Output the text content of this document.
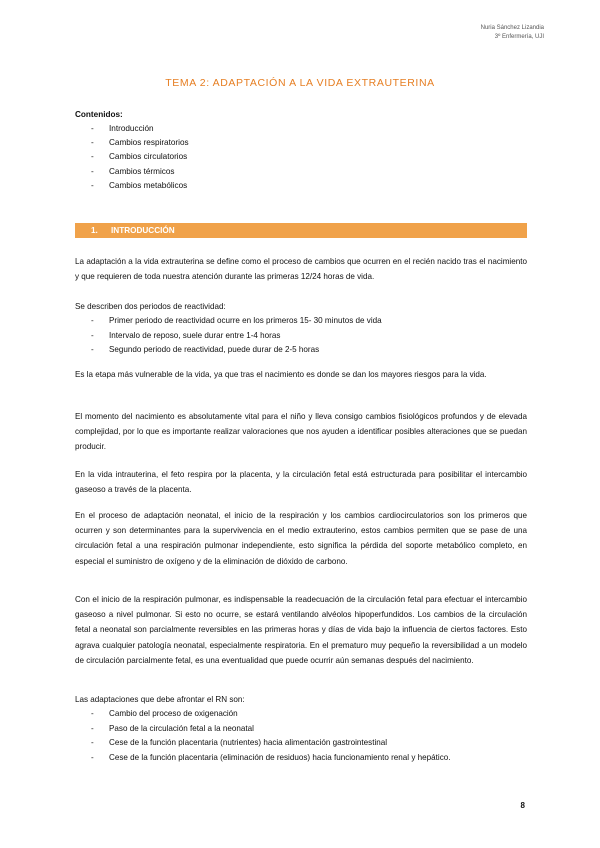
Nuria Sánchez Lizandia
3º Enfermería, UJI
TEMA 2: ADAPTACIÓN A LA VIDA EXTRAUTERINA
Contenidos:
- Introducción
- Cambios respiratorios
- Cambios circulatorios
- Cambios térmicos
- Cambios metabólicos
1. INTRODUCCIÓN

La adaptación a la vida extrauterina se define como el proceso de cambios que ocurren en el recién nacido tras el nacimiento y que requieren de toda nuestra atención durante las primeras 12/24 horas de vida.

Se describen dos periodos de reactividad:

- Primer periodo de reactividad ocurre en los primeros 15- 30 minutos de vida
- Intervalo de reposo, suele durar entre 1-4 horas
- Segundo periodo de reactividad, puede durar de 2-5 horas

Es la etapa más vulnerable de la vida, ya que tras el nacimiento es donde se dan los mayores riesgos para la vida.

El momento del nacimiento es absolutamente vital para el niño y lleva consigo cambios fisiológicos profundos y de elevada complejidad, por lo que es importante realizar valoraciones que nos ayuden a identificar posibles alteraciones que se puedan producir.

En la vida intrauterina, el feto respira por la placenta, y la circulación fetal está estructurada para posibilitar el intercambio gaseoso a través de la placenta.

En el proceso de adaptación neonatal, el inicio de la respiración y los cambios cardiocirculatorios son los primeros que ocurren y son determinantes para la supervivencia en el medio extrauterino, estos cambios permiten que se pase de una circulación fetal a una respiración pulmonar independiente, esto significa la pérdida del soporte metabólico completo, en especial el suministro de oxígeno y de la eliminación de dióxido de carbono.

Con el inicio de la respiración pulmonar, es indispensable la readecuación de la circulación fetal para efectuar el intercambio gaseoso a nivel pulmonar. Si esto no ocurre, se estará ventilando alvéolos hipoperfundidos. Los cambios de la circulación fetal a neonatal son parcialmente reversibles en las primeras horas y días de vida bajo la influencia de ciertos factores. Esto agrava cualquier patología neonatal, especialmente respiratoria. En el prematuro muy pequeño la reversibilidad a un modelo de circulación parcialmente fetal, es una eventualidad que puede ocurrir aún semanas después del nacimiento.

Las adaptaciones que debe afrontar el RN son:

- Cambio del proceso de oxigenación
- Paso de la circulación fetal a la neonatal
- Cese de la función placentaria (nutrientes) hacia alimentación gastrointestinal
- Cese de la función placentaria (eliminación de residuos) hacia funcionamiento renal y hepático.
8
